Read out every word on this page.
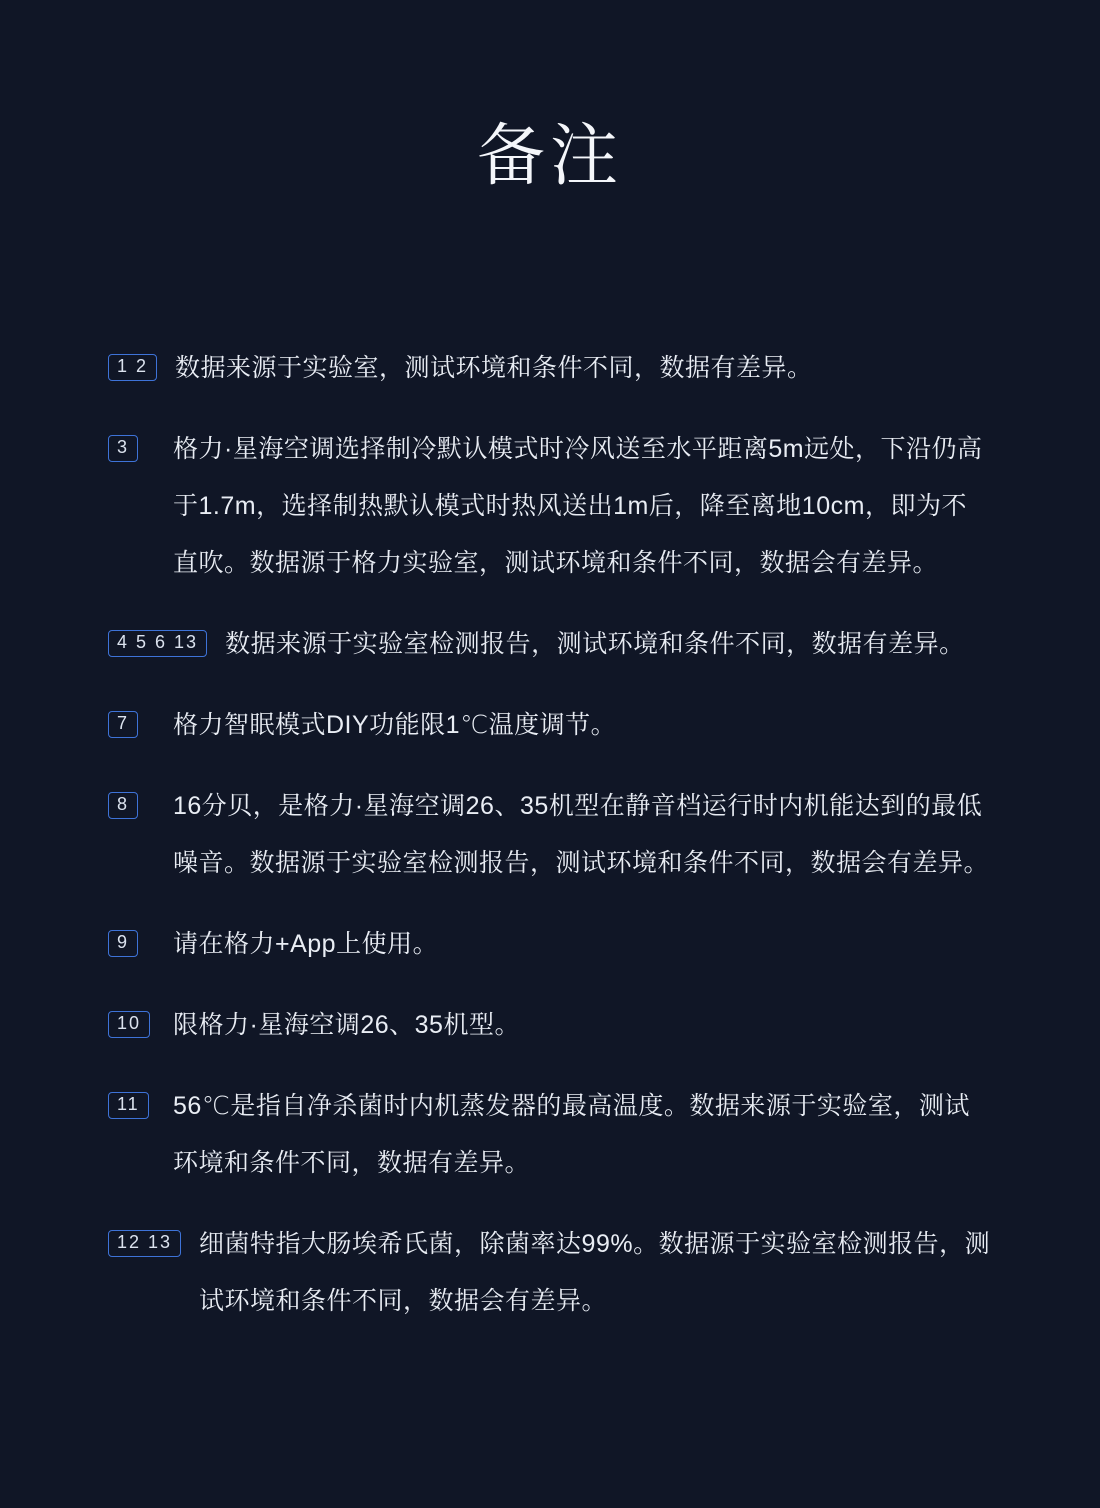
备注
1 2	数据来源于实验室，测试环境和条件不同，数据有差异。

3	格力·星海空调选择制冷默认模式时冷风送至水平距离5m远处，下沿仍高于1.7m，选择制热默认模式时热风送出1m后，降至离地10cm，即为不直吹。数据源于格力实验室，测试环境和条件不同，数据会有差异。

4 5 6 13	数据来源于实验室检测报告，测试环境和条件不同，数据有差异。

7	格力智眠模式DIY功能限1℃温度调节。

8	16分贝，是格力·星海空调26、35机型在静音档运行时内机能达到的最低噪音。数据源于实验室检测报告，测试环境和条件不同，数据会有差异。

9	请在格力+App上使用。

10	限格力·星海空调26、35机型。

11	56℃是指自净杀菌时内机蒸发器的最高温度。数据来源于实验室，测试环境和条件不同，数据有差异。

12 13	细菌特指大肠埃希氏菌，除菌率达99%。数据源于实验室检测报告，测试环境和条件不同，数据会有差异。
